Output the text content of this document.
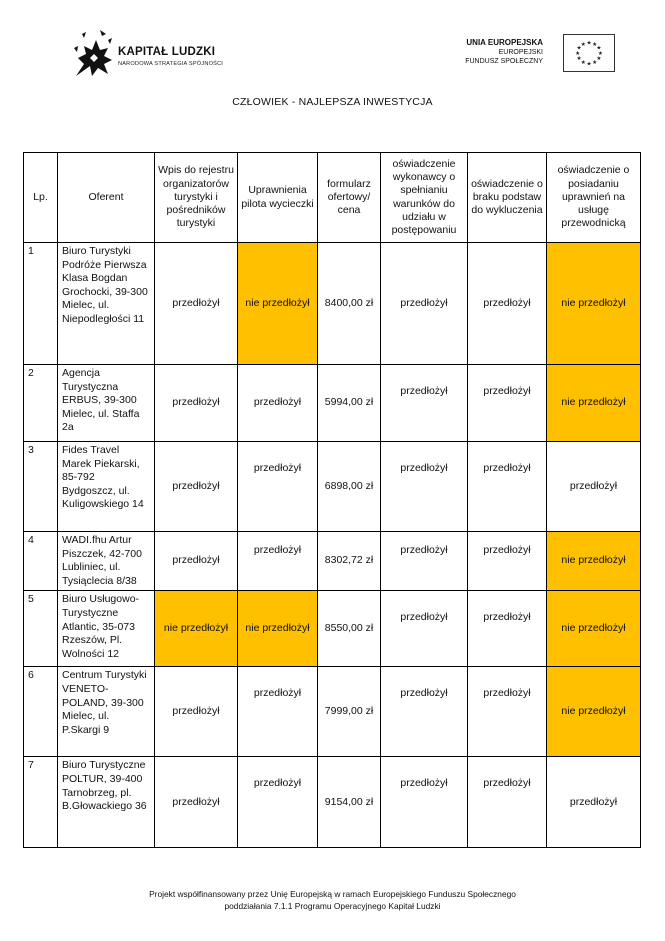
KAPITAŁ LUDZKI
NARODOWA STRATEGIA SPÓJNOŚCI
UNIA EUROPEJSKA
EUROPEJSKI
FUNDUSZ SPOŁECZNY
★ ★
★
★
★
★
★
★
★
★
★
★
CZŁOWIEK - NAJLEPSZA INWESTYCJA
Lp.	Oferent	Wpis do rejestru organizatorów turystyki i pośredników turystyki	Uprawnienia pilota wycieczki	formularz ofertowy/ cena	oświadczenie wykonawcy o spełnianiu warunków do udziału w postępowaniu	oświadczenie o braku podstaw do wykluczenia	oświadczenie o posiadaniu uprawnień na usługę przewodnicką
1	Biuro Turystyki Podróże Pierwsza Klasa Bogdan Grochocki, 39-300 Mielec, ul. Niepodległości 11	przedłożył	nie przedłożył	8400,00 zł	przedłożył	przedłożył	nie przedłożył
2	Agencja Turystyczna ERBUS, 39-300 Mielec, ul. Staffa 2a	przedłożył	przedłożył	5994,00 zł	przedłożył	przedłożył	nie przedłożył
3	Fides Travel Marek Piekarski, 85-792 Bydgoszcz, ul. Kuligowskiego 14	przedłożył	przedłożył	6898,00 zł	przedłożył	przedłożył	przedłożył
4	WADI.fhu Artur Piszczek, 42-700 Lubliniec, ul. Tysiąclecia 8/38	przedłożył	przedłożył	8302,72 zł	przedłożył	przedłożył	nie przedłożył
5	Biuro Usługowo-Turystyczne Atlantic, 35-073 Rzeszów, Pl. Wolności 12	nie przedłożył	nie przedłożył	8550,00 zł	przedłożył	przedłożył	nie przedłożył
6	Centrum Turystyki VENETO-POLAND, 39-300 Mielec, ul. P.Skargi 9	przedłożył	przedłożył	7999,00 zł	przedłożył	przedłożył	nie przedłożył
7	Biuro Turystyczne POLTUR, 39-400 Tarnobrzeg, pl. B.Głowackiego 36	przedłożył	przedłożył	9154,00 zł	przedłożył	przedłożył	przedłożył
Projekt współfinansowany przez Unię Europejską w ramach Europejskiego Funduszu Społecznego
poddziałania 7.1.1 Programu Operacyjnego Kapitał Ludzki
